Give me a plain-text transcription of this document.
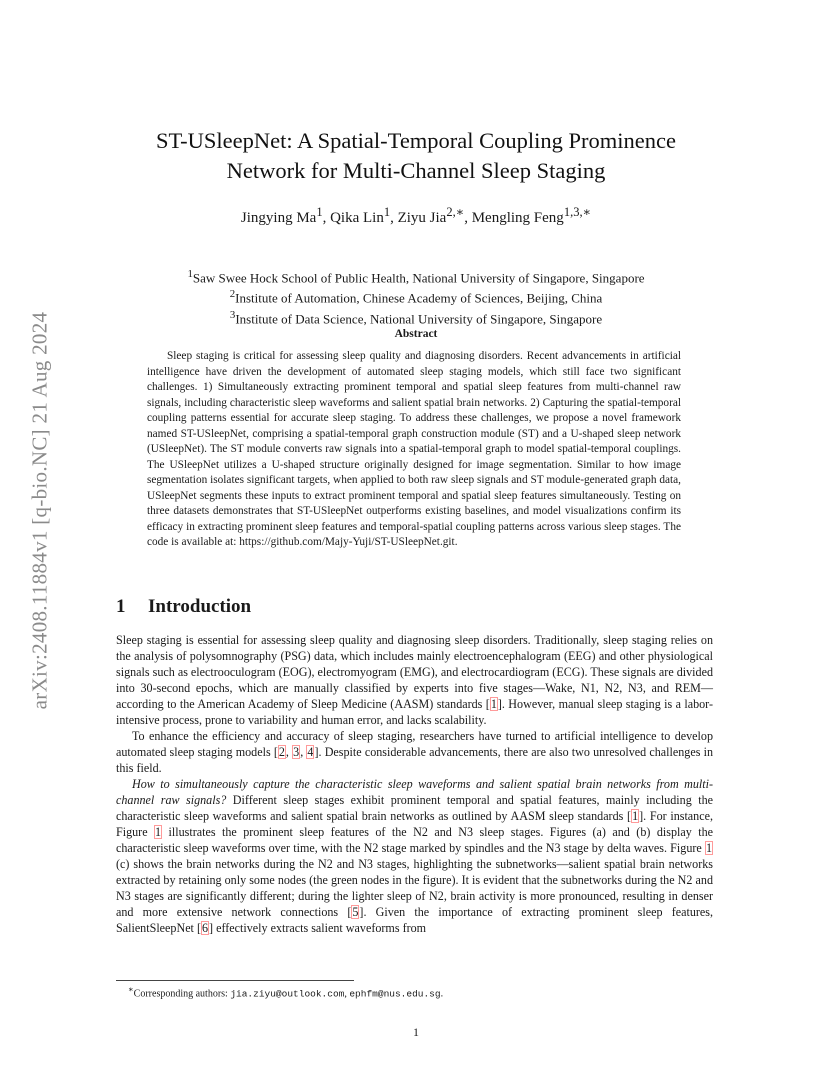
arXiv:2408.11884v1 [q-bio.NC] 21 Aug 2024
ST-USleepNet: A Spatial-Temporal Coupling Prominence
Network for Multi-Channel Sleep Staging
Jingying Ma$^1$, Qika Lin$^1$, Ziyu Jia$^{2,∗}$, Mengling Feng$^{1,3,∗}$
$^1$Saw Swee Hock School of Public Health, National University of Singapore, Singapore
$^2$Institute of Automation, Chinese Academy of Sciences, Beijing, China
$^3$Institute of Data Science, National University of Singapore, Singapore
Abstract

Sleep staging is critical for assessing sleep quality and diagnosing disorders. Recent advancements in artificial intelligence have driven the development of automated sleep staging models, which still face two significant challenges. 1) Simultaneously extracting prominent temporal and spatial sleep features from multi-channel raw signals, including characteristic sleep waveforms and salient spatial brain networks. 2) Capturing the spatial-temporal coupling patterns essential for accurate sleep staging. To address these challenges, we propose a novel framework named ST-USleepNet, comprising a spatial-temporal graph construction module (ST) and a U-shaped sleep network (USleepNet). The ST module converts raw signals into a spatial-temporal graph to model spatial-temporal couplings. The USleepNet utilizes a U-shaped structure originally designed for image segmentation. Similar to how image segmentation isolates significant targets, when applied to both raw sleep signals and ST module-generated graph data, USleepNet segments these inputs to extract prominent temporal and spatial sleep features simultaneously. Testing on three datasets demonstrates that ST-USleepNet outperforms existing baselines, and model visualizations confirm its efficacy in extracting prominent sleep features and temporal-spatial coupling patterns across various sleep stages. The code is available at: https://github.com/Majy-Yuji/ST-USleepNet.git.

1 Introduction

Sleep staging is essential for assessing sleep quality and diagnosing sleep disorders. Traditionally, sleep staging relies on the analysis of polysomnography (PSG) data, which includes mainly electroencephalogram (EEG) and other physiological signals such as electrooculogram (EOG), electromyogram (EMG), and electrocardiogram (ECG). These signals are divided into 30-second epochs, which are manually classified by experts into five stages—Wake, N1, N2, N3, and REM—according to the American Academy of Sleep Medicine (AASM) standards [1]. However, manual sleep staging is a labor-intensive process, prone to variability and human error, and lacks scalability.

To enhance the efficiency and accuracy of sleep staging, researchers have turned to artificial intelligence to develop automated sleep staging models [2, 3, 4]. Despite considerable advancements, there are also two unresolved challenges in this field.

How to simultaneously capture the characteristic sleep waveforms and salient spatial brain networks from multi-channel raw signals? Different sleep stages exhibit prominent temporal and spatial features, mainly including the characteristic sleep waveforms and salient spatial brain networks as outlined by AASM sleep standards [1]. For instance, Figure 1 illustrates the prominent sleep features of the N2 and N3 sleep stages. Figures (a) and (b) display the characteristic sleep waveforms over time, with the N2 stage marked by spindles and the N3 stage by delta waves. Figure 1 (c) shows the brain networks during the N2 and N3 stages, highlighting the subnetworks—salient spatial brain networks extracted by retaining only some nodes (the green nodes in the figure). It is evident that the subnetworks during the N2 and N3 stages are significantly different; during the lighter sleep of N2, brain activity is more pronounced, resulting in denser and more extensive network connections [5]. Given the importance of extracting prominent sleep features, SalientSleepNet [6] effectively extracts salient waveforms from

∗Corresponding authors: jia.ziyu@outlook.com, ephfm@nus.edu.sg.
1
